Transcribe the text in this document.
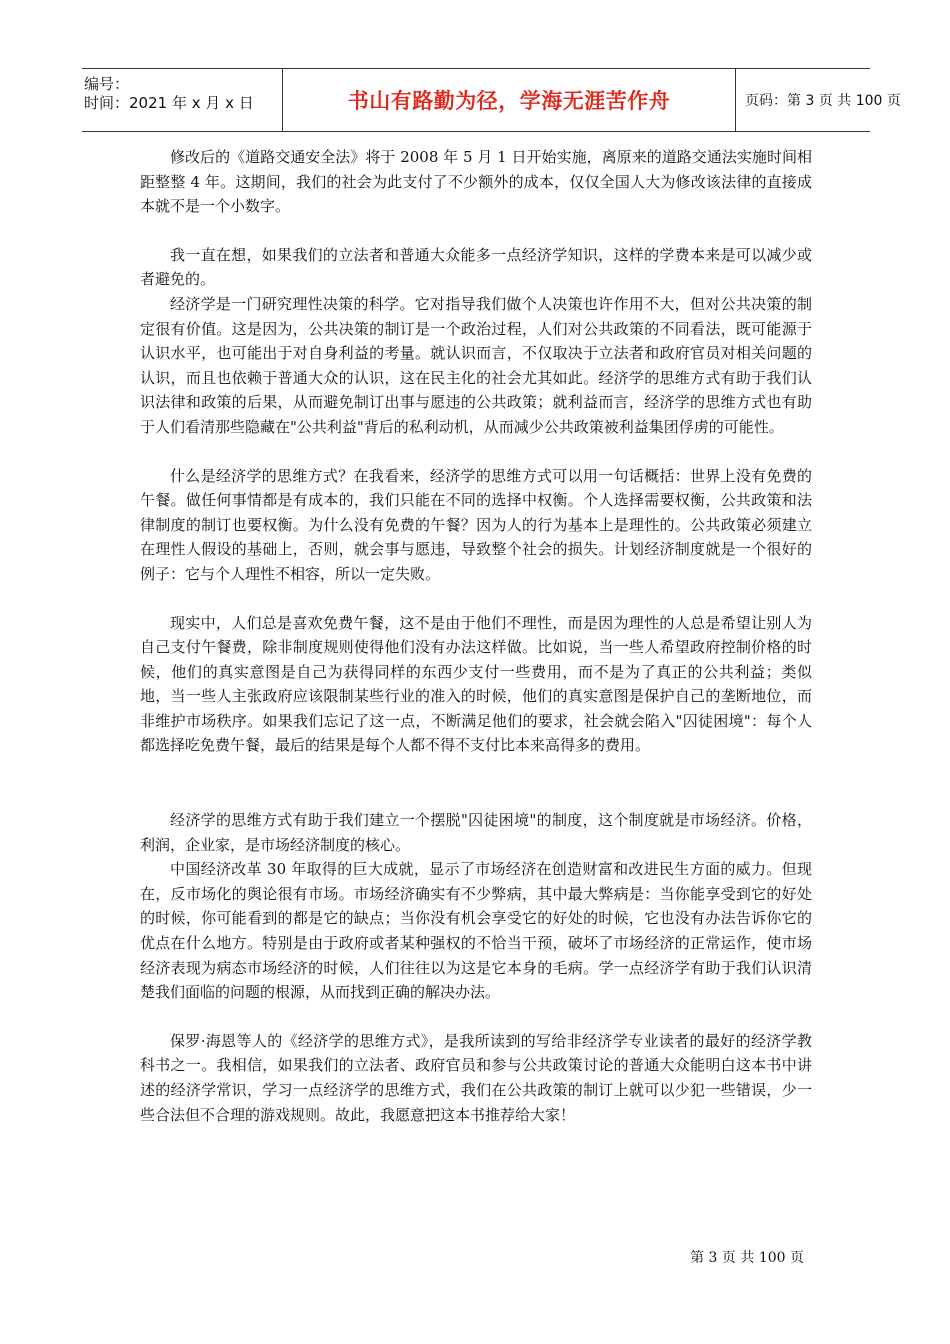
编号：
时间：2021 年 x 月 x 日	书山有路勤为径，学海无涯苦作舟	页码：第 3 页 共 100 页

修改后的《道路交通安全法》将于 2008 年 5 月 1 日开始实施，离原来的道路交通法实施时间相距整整 4 年。这期间，我们的社会为此支付了不少额外的成本，仅仅全国人大为修改该法律的直接成本就不是一个小数字。

我一直在想，如果我们的立法者和普通大众能多一点经济学知识，这样的学费本来是可以减少或者避免的。

经济学是一门研究理性决策的科学。它对指导我们做个人决策也许作用不大，但对公共决策的制定很有价值。这是因为，公共决策的制订是一个政治过程，人们对公共政策的不同看法，既可能源于认识水平，也可能出于对自身利益的考量。就认识而言，不仅取决于立法者和政府官员对相关问题的认识，而且也依赖于普通大众的认识，这在民主化的社会尤其如此。经济学的思维方式有助于我们认识法律和政策的后果，从而避免制订出事与愿违的公共政策；就利益而言，经济学的思维方式也有助于人们看清那些隐藏在"公共利益"背后的私利动机，从而减少公共政策被利益集团俘虏的可能性。

什么是经济学的思维方式？在我看来，经济学的思维方式可以用一句话概括：世界上没有免费的午餐。做任何事情都是有成本的，我们只能在不同的选择中权衡。个人选择需要权衡，公共政策和法律制度的制订也要权衡。为什么没有免费的午餐？因为人的行为基本上是理性的。公共政策必须建立在理性人假设的基础上，否则，就会事与愿违，导致整个社会的损失。计划经济制度就是一个很好的例子：它与个人理性不相容，所以一定失败。

现实中，人们总是喜欢免费午餐，这不是由于他们不理性，而是因为理性的人总是希望让别人为自己支付午餐费，除非制度规则使得他们没有办法这样做。比如说，当一些人希望政府控制价格的时候，他们的真实意图是自己为获得同样的东西少支付一些费用，而不是为了真正的公共利益；类似地，当一些人主张政府应该限制某些行业的准入的时候，他们的真实意图是保护自己的垄断地位，而非维护市场秩序。如果我们忘记了这一点，不断满足他们的要求，社会就会陷入"囚徒困境"：每个人都选择吃免费午餐，最后的结果是每个人都不得不支付比本来高得多的费用。

经济学的思维方式有助于我们建立一个摆脱"囚徒困境"的制度，这个制度就是市场经济。价格，利润，企业家，是市场经济制度的核心。

中国经济改革 30 年取得的巨大成就，显示了市场经济在创造财富和改进民生方面的威力。但现在，反市场化的舆论很有市场。市场经济确实有不少弊病，其中最大弊病是：当你能享受到它的好处的时候，你可能看到的都是它的缺点；当你没有机会享受它的好处的时候，它也没有办法告诉你它的优点在什么地方。特别是由于政府或者某种强权的不恰当干预，破坏了市场经济的正常运作，使市场经济表现为病态市场经济的时候，人们往往以为这是它本身的毛病。学一点经济学有助于我们认识清楚我们面临的问题的根源，从而找到正确的解决办法。

保罗·海恩等人的《经济学的思维方式》，是我所读到的写给非经济学专业读者的最好的经济学教科书之一。我相信，如果我们的立法者、政府官员和参与公共政策讨论的普通大众能明白这本书中讲述的经济学常识，学习一点经济学的思维方式，我们在公共政策的制订上就可以少犯一些错误，少一些合法但不合理的游戏规则。故此，我愿意把这本书推荐给大家！

第 3 页 共 100 页
